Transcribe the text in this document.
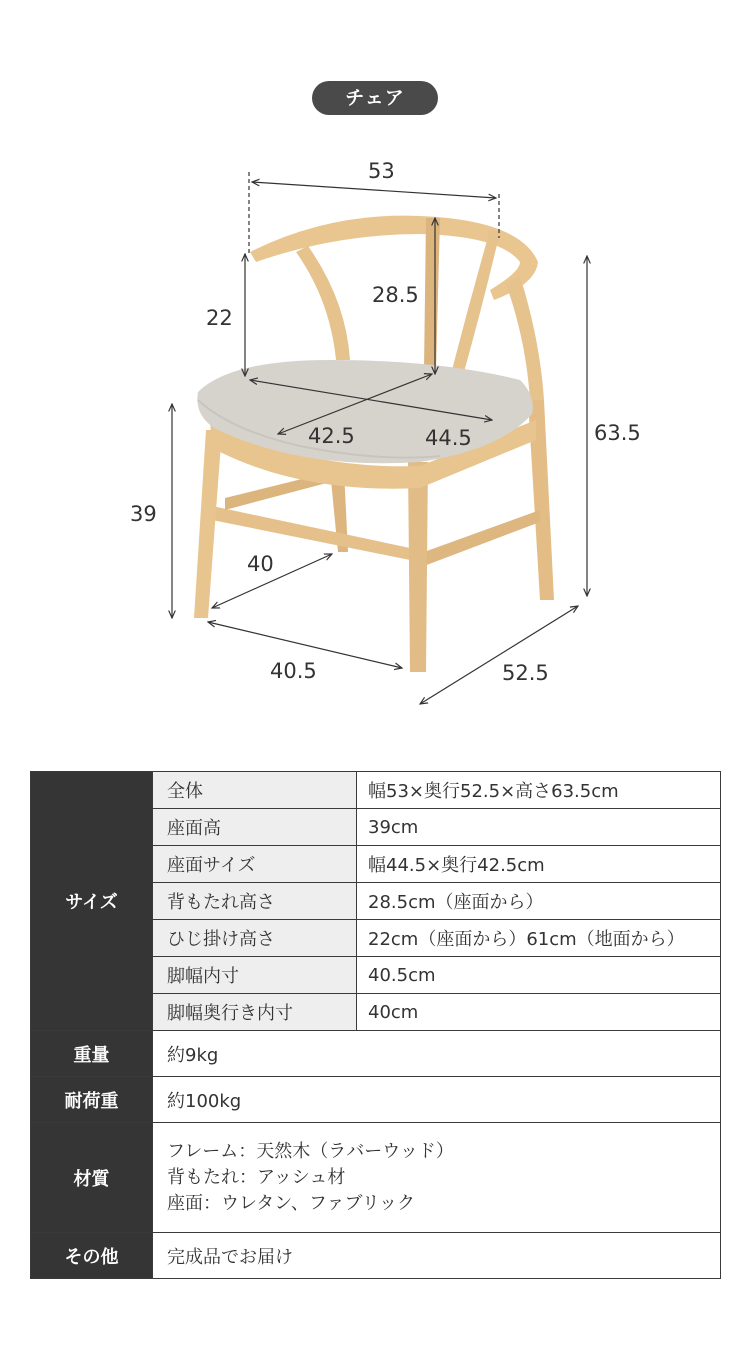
チェア
53
22
28.5
42.5	44.5	63.5
39
40
40.5	52.5
サイズ	全体	幅53×奥行52.5×高さ63.5cm
	座面高	39cm
	座面サイズ	幅44.5×奥行42.5cm
	背もたれ高さ	28.5cm（座面から）
	ひじ掛け高さ	22cm（座面から）61cm（地面から）
	脚幅内寸	40.5cm
	脚幅奥行き内寸	40cm
重量	約9kg	
耐荷重	約100kg	
材質	フレーム：天然木（ラバーウッド）
背もたれ：アッシュ材
座面：ウレタン、ファブリック	

その他	完成品でお届け	
